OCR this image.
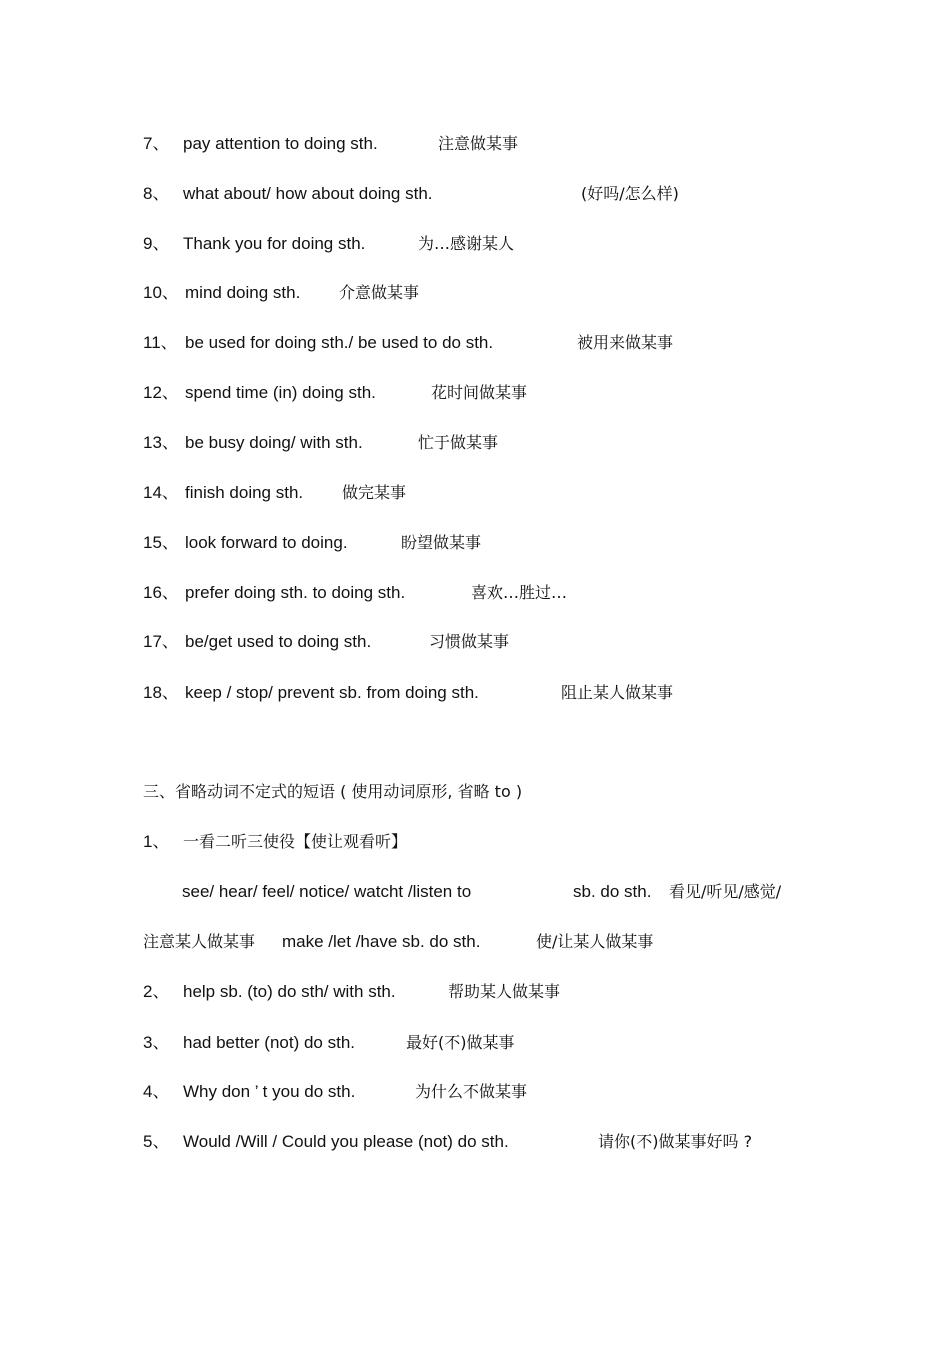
7、 pay attention to doing sth.	注意做某事
8、 what about/ how about doing sth.	(好吗/怎么样)
9、 Thank you for doing sth.	为…感谢某人
10、 mind doing sth. 介意做某事
11、 be used for doing sth./ be used to do sth.	被用来做某事
12、 spend time (in) doing sth.	花时间做某事
13、 be busy doing/ with sth.	忙于做某事
14、 finish doing sth. 做完某事
15、 look forward to doing.	盼望做某事
16、 prefer doing sth. to doing sth.	喜欢…胜过…
17、 be/get used to doing sth.	习惯做某事
18、 keep / stop/ prevent sb. from doing sth.	阻止某人做某事
三、省略动词不定式的短语 ( 使用动词原形, 省略 to )
1、 一看二听三使役【使让观看听】
see/ hear/ feel/ notice/ watcht /listen to	sb. do sth. 看见/听见/感觉/
注意某人做某事 make /let /have sb. do sth.	使/让某人做某事
2、 help sb. (to) do sth/ with sth.	帮助某人做某事
3、 had better (not) do sth.	最好(不)做某事
4、 Why don ’ t you do sth.	为什么不做某事
5、 Would /Will / Could you please (not) do sth.	请你(不)做某事好吗 ?
